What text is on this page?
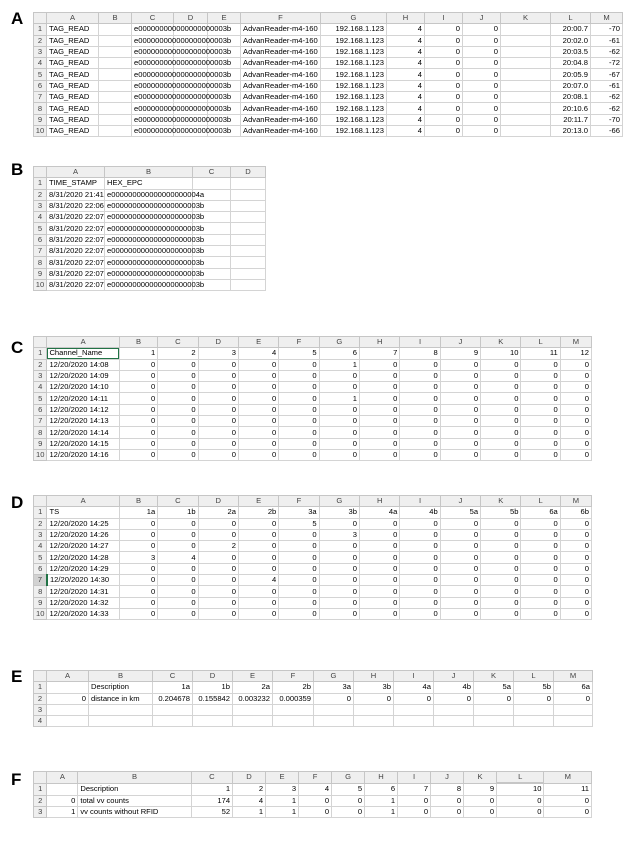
A
B
C
D
E
F
	A	B	C	D	E	F	G	H	I	J	K	L	M
1	TAG_READ		e000000000000000000003b			AdvanReader-m4-160	192.168.1.123	4	0	0		20:00.7	-70
2	TAG_READ		e000000000000000000003b			AdvanReader-m4-160	192.168.1.123	4	0	0		20:02.0	-61
3	TAG_READ		e000000000000000000003b			AdvanReader-m4-160	192.168.1.123	4	0	0		20:03.5	-62
4	TAG_READ		e000000000000000000003b			AdvanReader-m4-160	192.168.1.123	4	0	0		20:04.8	-72
5	TAG_READ		e000000000000000000003b			AdvanReader-m4-160	192.168.1.123	4	0	0		20:05.9	-67
6	TAG_READ		e000000000000000000003b			AdvanReader-m4-160	192.168.1.123	4	0	0		20:07.0	-61
7	TAG_READ		e000000000000000000003b			AdvanReader-m4-160	192.168.1.123	4	0	0		20:08.1	-62
8	TAG_READ		e000000000000000000003b			AdvanReader-m4-160	192.168.1.123	4	0	0		20:10.6	-62
9	TAG_READ		e000000000000000000003b			AdvanReader-m4-160	192.168.1.123	4	0	0		20:11.7	-70
10	TAG_READ		e000000000000000000003b			AdvanReader-m4-160	192.168.1.123	4	0	0		20:13.0	-66
	A	B	C	D
1	TIME_STAMP	HEX_EPC		
2	8/31/2020 21:41	e000000000000000000004a		
3	8/31/2020 22:06	e000000000000000000003b		
4	8/31/2020 22:07	e000000000000000000003b		
5	8/31/2020 22:07	e000000000000000000003b		
6	8/31/2020 22:07	e000000000000000000003b		
7	8/31/2020 22:07	e000000000000000000003b		
8	8/31/2020 22:07	e000000000000000000003b		
9	8/31/2020 22:07	e000000000000000000003b		
10	8/31/2020 22:07	e000000000000000000003b		
	A	B	C	D	E	F	G	H	I	J	K	L	M
1	Channel_Name	1	2	3	4	5	6	7	8	9	10	11	12
2	12/20/2020 14:08	0	0	0	0	0	1	0	0	0	0	0	0
3	12/20/2020 14:09	0	0	0	0	0	0	0	0	0	0	0	0
4	12/20/2020 14:10	0	0	0	0	0	0	0	0	0	0	0	0
5	12/20/2020 14:11	0	0	0	0	0	1	0	0	0	0	0	0
6	12/20/2020 14:12	0	0	0	0	0	0	0	0	0	0	0	0
7	12/20/2020 14:13	0	0	0	0	0	0	0	0	0	0	0	0
8	12/20/2020 14:14	0	0	0	0	0	0	0	0	0	0	0	0
9	12/20/2020 14:15	0	0	0	0	0	0	0	0	0	0	0	0
10	12/20/2020 14:16	0	0	0	0	0	0	0	0	0	0	0	0
	A	B	C	D	E	F	G	H	I	J	K	L	M
1	TS	1a	1b	2a	2b	3a	3b	4a	4b	5a	5b	6a	6b
2	12/20/2020 14:25	0	0	0	0	5	0	0	0	0	0	0	0
3	12/20/2020 14:26	0	0	0	0	0	3	0	0	0	0	0	0
4	12/20/2020 14:27	0	0	2	0	0	0	0	0	0	0	0	0
5	12/20/2020 14:28	3	4	0	0	0	0	0	0	0	0	0	0
6	12/20/2020 14:29	0	0	0	0	0	0	0	0	0	0	0	0
7	12/20/2020 14:30	0	0	0	4	0	0	0	0	0	0	0	0
8	12/20/2020 14:31	0	0	0	0	0	0	0	0	0	0	0	0
9	12/20/2020 14:32	0	0	0	0	0	0	0	0	0	0	0	0
10	12/20/2020 14:33	0	0	0	0	0	0	0	0	0	0	0	0
	A	B	C	D	E	F	G	H	I	J	K	L	M
1		Description	1a	1b	2a	2b	3a	3b	4a	4b	5a	5b	6a
2	0	distance in km	0.204678	0.155842	0.003232	0.000359	0	0	0	0	0	0	0
3													
4													
	A	B	C	D	E	F	G	H	I	J	K	L	M
1		Description	1	2	3	4	5	6	7	8	9	10	11
2	0	total vv counts	174	4	1	0	0	1	0	0	0	0	0
3	1	vv counts without RFID	52	1	1	0	0	1	0	0	0	0	0
